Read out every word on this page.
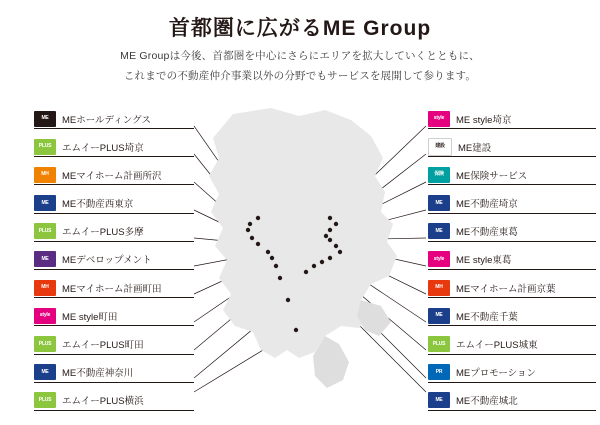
首都圏に広がるME Group
ME Groupは今後、首都圏を中心にさらにエリアを拡大していくとともに、
これまでの不動産仲介事業以外の分野でもサービスを展開して参ります。
ME	MEホールディングス
PLUS	エムイーPLUS埼京
MH	MEマイホーム計画所沢
ME	ME不動産西東京
PLUS	エムイーPLUS多摩
ME	MEデベロップメント
MH	MEマイホーム計画町田
style	ME style町田
PLUS	エムイーPLUS町田
ME	ME不動産神奈川
PLUS	エムイーPLUS横浜
style	ME style埼京
建設	ME建設
保険	ME保険サービス
ME	ME不動産埼京
ME	ME不動産東葛
style	ME style東葛
MH	MEマイホーム計画京葉
ME	ME不動産千葉
PLUS	エムイーPLUS城東
PR	MEプロモーション
ME	ME不動産城北
